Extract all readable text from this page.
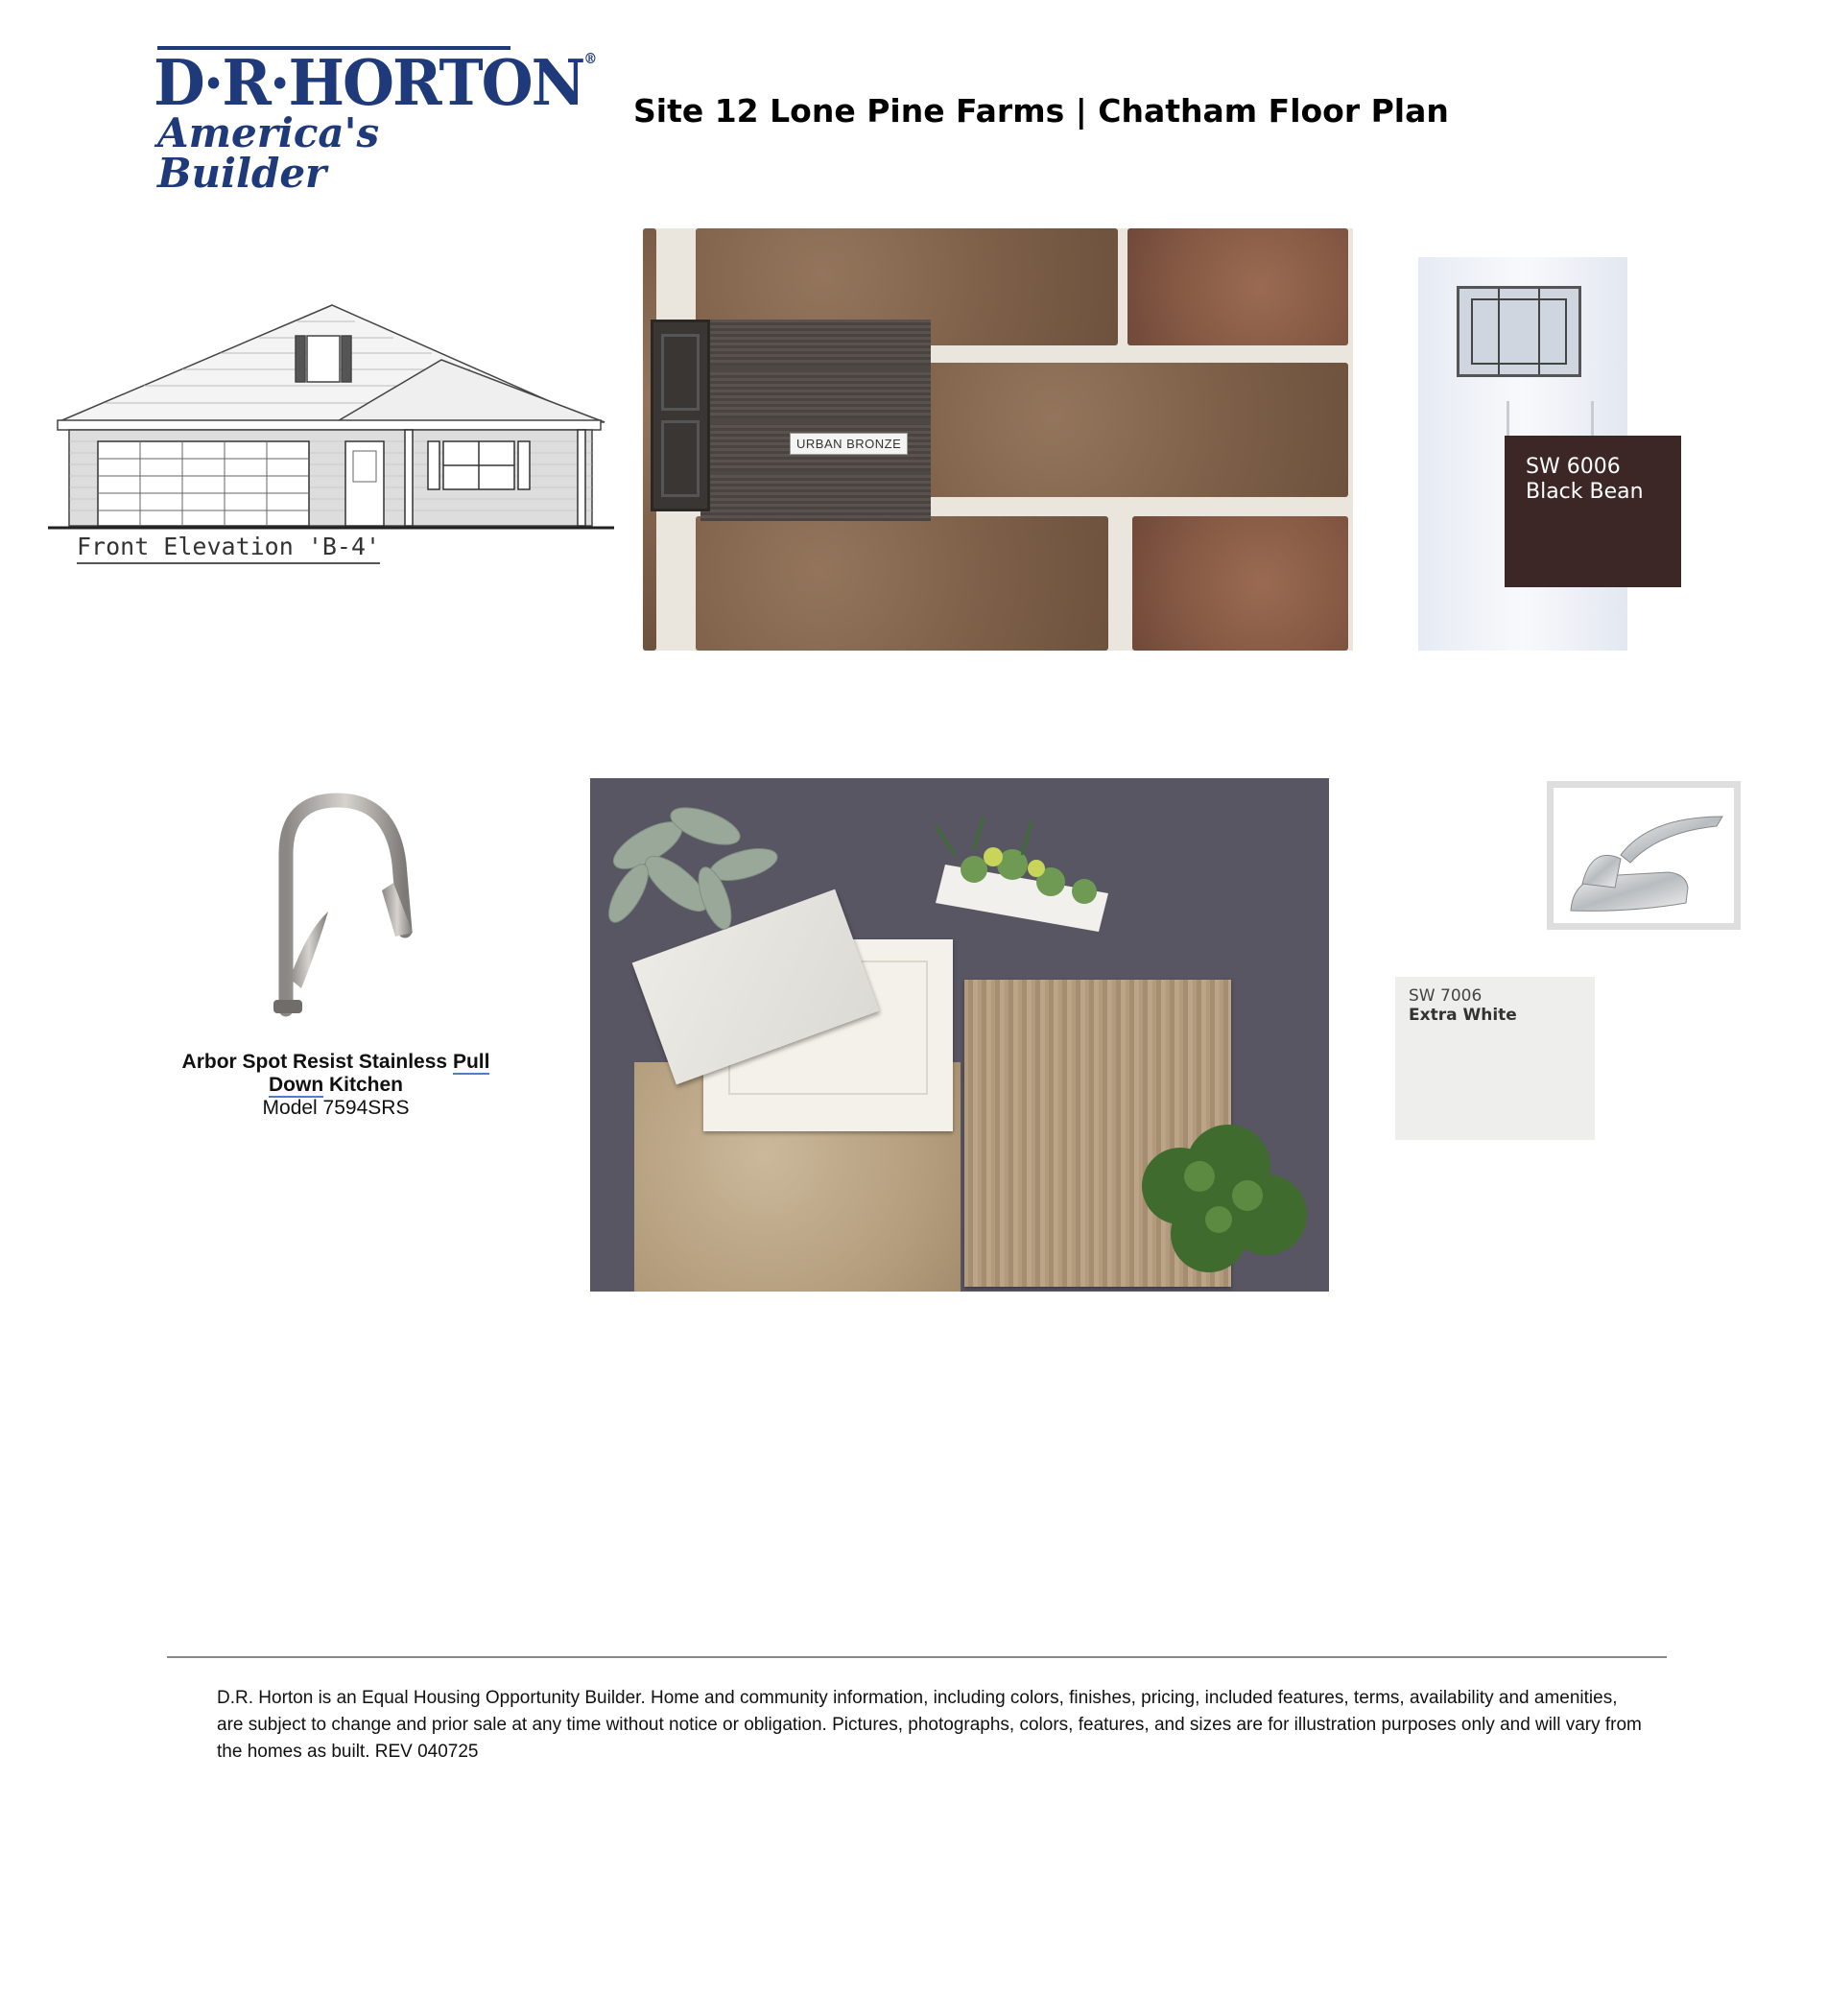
D·R·HORTON®
America's Builder
Site 12 Lone Pine Farms | Chatham Floor Plan
Front Elevation 'B-4'
URBAN BRONZE
SW 6006
Black Bean
Arbor Spot Resist Stainless Pull
Down Kitchen
Model 7594SRS
SW 7006
Extra White
D.R. Horton is an Equal Housing Opportunity Builder. Home and community information, including colors, finishes, pricing, included features, terms, availability and amenities, are subject to change and prior sale at any time without notice or obligation. Pictures, photographs, colors, features, and sizes are for illustration purposes only and will vary from the homes as built. REV 040725
